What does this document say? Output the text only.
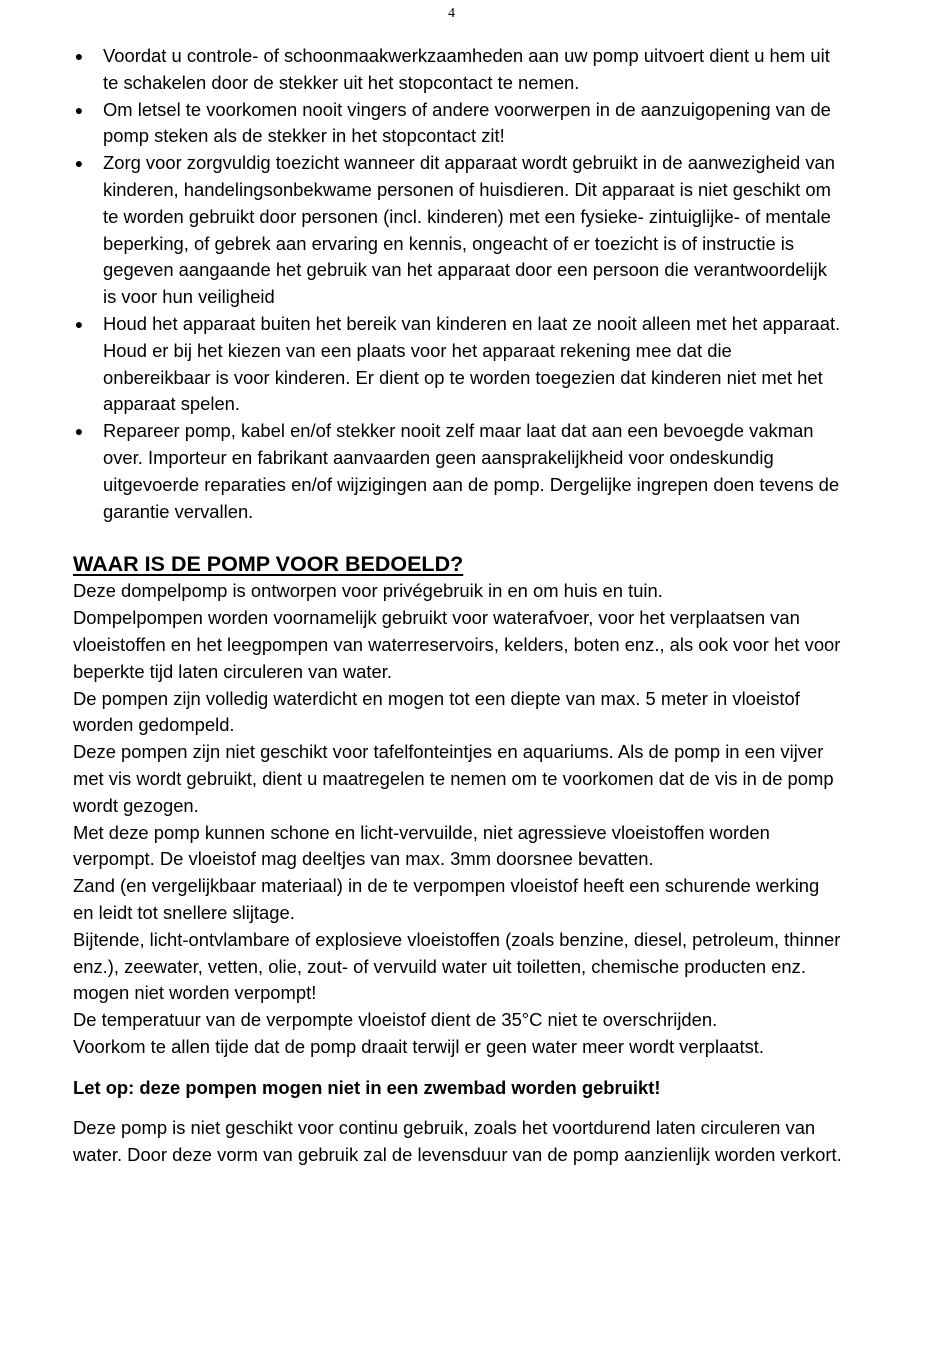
4
● Voordat u controle- of schoonmaakwerkzaamheden aan uw pomp uitvoert dient u hem uit te schakelen door de stekker uit het stopcontact te nemen.
● Om letsel te voorkomen nooit vingers of andere voorwerpen in de aanzuigopening van de pomp steken als de stekker in het stopcontact zit!
● Zorg voor zorgvuldig toezicht wanneer dit apparaat wordt gebruikt in de aanwezigheid van kinderen, handelingsonbekwame personen of huisdieren. Dit apparaat is niet geschikt om te worden gebruikt door personen (incl. kinderen) met een fysieke- zintuiglijke- of mentale beperking, of gebrek aan ervaring en kennis, ongeacht of er toezicht is of instructie is gegeven aangaande het gebruik van het apparaat door een persoon die verantwoordelijk is voor hun veiligheid
● Houd het apparaat buiten het bereik van kinderen en laat ze nooit alleen met het apparaat. Houd er bij het kiezen van een plaats voor het apparaat rekening mee dat die onbereikbaar is voor kinderen. Er dient op te worden toegezien dat kinderen niet met het apparaat spelen.
● Repareer pomp, kabel en/of stekker nooit zelf maar laat dat aan een bevoegde vakman over. Importeur en fabrikant aanvaarden geen aansprakelijkheid voor ondeskundig uitgevoerde reparaties en/of wijzigingen aan de pomp. Dergelijke ingrepen doen tevens de garantie vervallen.
WAAR IS DE POMP VOOR BEDOELD?

Deze dompelpomp is ontworpen voor privégebruik in en om huis en tuin.

Dompelpompen worden voornamelijk gebruikt voor waterafvoer, voor het verplaatsen van vloeistoffen en het leegpompen van waterreservoirs, kelders, boten enz., als ook voor het voor beperkte tijd laten circuleren van water.

De pompen zijn volledig waterdicht en mogen tot een diepte van max. 5 meter in vloeistof worden gedompeld.

Deze pompen zijn niet geschikt voor tafelfonteintjes en aquariums. Als de pomp in een vijver met vis wordt gebruikt, dient u maatregelen te nemen om te voorkomen dat de vis in de pomp wordt gezogen.

Met deze pomp kunnen schone en licht-vervuilde, niet agressieve vloeistoffen worden verpompt. De vloeistof mag deeltjes van max. 3mm doorsnee bevatten.

Zand (en vergelijkbaar materiaal) in de te verpompen vloeistof heeft een schurende werking en leidt tot snellere slijtage.

Bijtende, licht-ontvlambare of explosieve vloeistoffen (zoals benzine, diesel, petroleum, thinner enz.), zeewater, vetten, olie, zout- of vervuild water uit toiletten, chemische producten enz. mogen niet worden verpompt!

De temperatuur van de verpompte vloeistof dient de 35°C niet te overschrijden.

Voorkom te allen tijde dat de pomp draait terwijl er geen water meer wordt verplaatst.

Let op: deze pompen mogen niet in een zwembad worden gebruikt!

Deze pomp is niet geschikt voor continu gebruik, zoals het voortdurend laten circuleren van water. Door deze vorm van gebruik zal de levensduur van de pomp aanzienlijk worden verkort.
